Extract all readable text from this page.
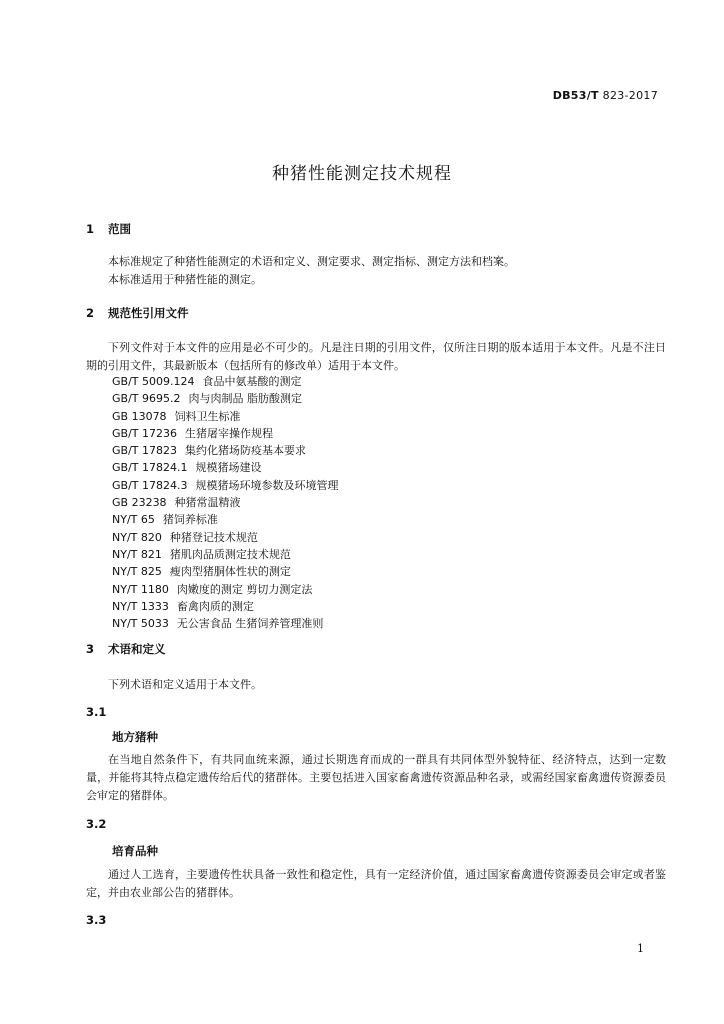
DB53/T 823-2017
种猪性能测定技术规程
1 范围
本标准规定了种猪性能测定的术语和定义、测定要求、测定指标、测定方法和档案。
本标准适用于种猪性能的测定。
2 规范性引用文件
下列文件对于本文件的应用是必不可少的。凡是注日期的引用文件，仅所注日期的版本适用于本文件。凡是不注日期的引用文件，其最新版本（包括所有的修改单）适用于本文件。
GB/T 5009.124 食品中氨基酸的测定
GB/T 9695.2 肉与肉制品 脂肪酸测定
GB 13078 饲料卫生标准
GB/T 17236 生猪屠宰操作规程
GB/T 17823 集约化猪场防疫基本要求
GB/T 17824.1 规模猪场建设
GB/T 17824.3 规模猪场环境参数及环境管理
GB 23238 种猪常温精液
NY/T 65 猪饲养标准
NY/T 820 种猪登记技术规范
NY/T 821 猪肌肉品质测定技术规范
NY/T 825 瘦肉型猪胴体性状的测定
NY/T 1180 肉嫩度的测定 剪切力测定法
NY/T 1333 畜禽肉质的测定
NY/T 5033 无公害食品 生猪饲养管理准则
3 术语和定义
下列术语和定义适用于本文件。
3.1
地方猪种
在当地自然条件下，有共同血统来源，通过长期选育而成的一群具有共同体型外貌特征、经济特点，达到一定数量，并能将其特点稳定遗传给后代的猪群体。主要包括进入国家畜禽遗传资源品种名录，或需经国家畜禽遗传资源委员会审定的猪群体。
3.2
培育品种
通过人工选育，主要遗传性状具备一致性和稳定性，具有一定经济价值，通过国家畜禽遗传资源委员会审定或者鉴定，并由农业部公告的猪群体。
3.3
1
